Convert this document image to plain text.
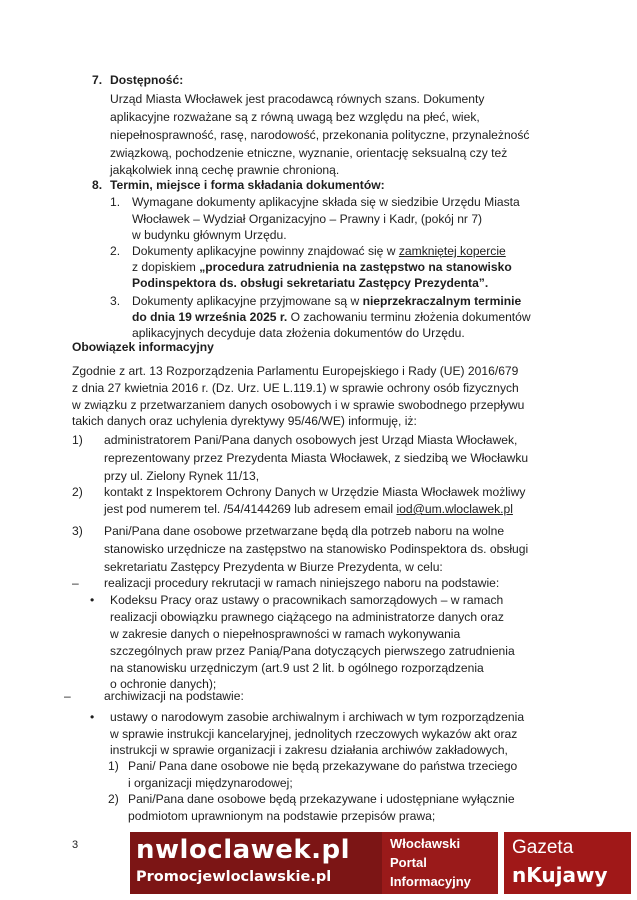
7. Dostępność:
Urząd Miasta Włocławek jest pracodawcą równych szans. Dokumenty
aplikacyjne rozważane są z równą uwagą bez względu na płeć, wiek,
niepełnosprawność, rasę, narodowość, przekonania polityczne, przynależność
związkową, pochodzenie etniczne, wyznanie, orientację seksualną czy też
jakąkolwiek inną cechę prawnie chronioną.
8. Termin, miejsce i forma składania dokumentów:
1. Wymagane dokumenty aplikacyjne składa się w siedzibie Urzędu Miasta
Włocławek – Wydział Organizacyjno – Prawny i Kadr, (pokój nr 7)
w budynku głównym Urzędu.
2. Dokumenty aplikacyjne powinny znajdować się w zamkniętej kopercie
z dopiskiem „procedura zatrudnienia na zastępstwo na stanowisko
Podinspektora ds. obsługi sekretariatu Zastępcy Prezydenta”.
3. Dokumenty aplikacyjne przyjmowane są w nieprzekraczalnym terminie
do dnia 19 września 2025 r. O zachowaniu terminu złożenia dokumentów
aplikacyjnych decyduje data złożenia dokumentów do Urzędu.
Obowiązek informacyjny
Zgodnie z art. 13 Rozporządzenia Parlamentu Europejskiego i Rady (UE) 2016/679
z dnia 27 kwietnia 2016 r. (Dz. Urz. UE L.119.1) w sprawie ochrony osób fizycznych
w związku z przetwarzaniem danych osobowych i w sprawie swobodnego przepływu
takich danych oraz uchylenia dyrektywy 95/46/WE) informuję, iż:
1) administratorem Pani/Pana danych osobowych jest Urząd Miasta Włocławek,
reprezentowany przez Prezydenta Miasta Włocławek, z siedzibą we Włocławku
przy ul. Zielony Rynek 11/13,
2) kontakt z Inspektorem Ochrony Danych w Urzędzie Miasta Włocławek możliwy
jest pod numerem tel. /54/4144269 lub adresem email iod@um.wloclawek.pl
3) Pani/Pana dane osobowe przetwarzane będą dla potrzeb naboru na wolne
stanowisko urzędnicze na zastępstwo na stanowisko Podinspektora ds. obsługi
sekretariatu Zastępcy Prezydenta w Biurze Prezydenta, w celu:
– realizacji procedury rekrutacji w ramach niniejszego naboru na podstawie:
• Kodeksu Pracy oraz ustawy o pracownikach samorządowych – w ramach
realizacji obowiązku prawnego ciążącego na administratorze danych oraz
w zakresie danych o niepełnosprawności w ramach wykonywania
szczególnych praw przez Panią/Pana dotyczących pierwszego zatrudnienia
na stanowisku urzędniczym (art.9 ust 2 lit. b ogólnego rozporządzenia
o ochronie danych);
–	archiwizacji na podstawie:
• ustawy o narodowym zasobie archiwalnym i archiwach w tym rozporządzenia
w sprawie instrukcji kancelaryjnej, jednolitych rzeczowych wykazów akt oraz
instrukcji w sprawie organizacji i zakresu działania archiwów zakładowych,
1) Pani/ Pana dane osobowe nie będą przekazywane do państwa trzeciego
i organizacji międzynarodowej;
2) Pani/Pana dane osobowe będą przekazywane i udostępniane wyłącznie
podmiotom uprawnionym na podstawie przepisów prawa;
3 nwloclawek.pl
Promocjewloclawskie.pl
Włocławski
Portal
Informacyjny
Gazeta
nKujawy
